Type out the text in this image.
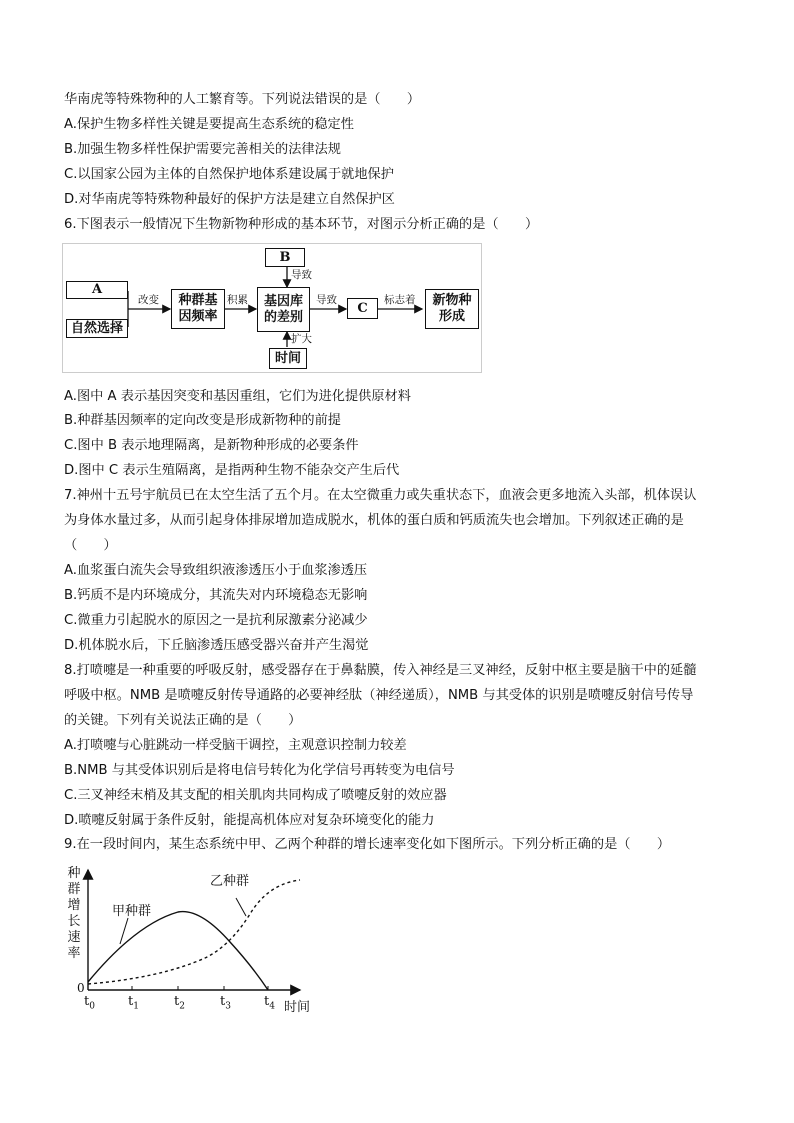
华南虎等特殊物种的人工繁育等。下列说法错误的是（　　）
A.保护生物多样性关键是要提高生态系统的稳定性
B.加强生物多样性保护需要完善相关的法律法规
C.以国家公园为主体的自然保护地体系建设属于就地保护
D.对华南虎等特殊物种最好的保护方法是建立自然保护区
6.下图表示一般情况下生物新物种形成的基本环节，对图示分析正确的是（　　）
A
自然选择
种群基
因频率
基因库
的差别
B
C
时间
新物种
形成
改变	积累
导致
导致	标志着
扩大
A.图中 A 表示基因突变和基因重组，它们为进化提供原材料
B.种群基因频率的定向改变是形成新物种的前提
C.图中 B 表示地理隔离，是新物种形成的必要条件
D.图中 C 表示生殖隔离，是指两种生物不能杂交产生后代
7.神州十五号宇航员已在太空生活了五个月。在太空微重力或失重状态下，血液会更多地流入头部，机体误认
为身体水量过多，从而引起身体排尿增加造成脱水，机体的蛋白质和钙质流失也会增加。下列叙述正确的是
（　　）
A.血浆蛋白流失会导致组织液渗透压小于血浆渗透压
B.钙质不是内环境成分，其流失对内环境稳态无影响
C.微重力引起脱水的原因之一是抗利尿激素分泌减少
D.机体脱水后，下丘脑渗透压感受器兴奋并产生渴觉
8.打喷嚏是一种重要的呼吸反射，感受器存在于鼻黏膜，传入神经是三叉神经，反射中枢主要是脑干中的延髓
呼吸中枢。NMB 是喷嚏反射传导通路的必要神经肽（神经递质），NMB 与其受体的识别是喷嚏反射信号传导
的关键。下列有关说法正确的是（　　）
A.打喷嚏与心脏跳动一样受脑干调控，主观意识控制力较差
B.NMB 与其受体识别后是将电信号转化为化学信号再转变为电信号
C.三叉神经末梢及其支配的相关肌肉共同构成了喷嚏反射的效应器
D.喷嚏反射属于条件反射，能提高机体应对复杂环境变化的能力
9.在一段时间内，某生态系统中甲、乙两个种群的增长速率变化如下图所示。下列分析正确的是（　　）
种
群
增
长
速
率
0
$t_0$	$t_1$	$t_2$	$t_3$	$t_4$ 时间
甲种群
乙种群
